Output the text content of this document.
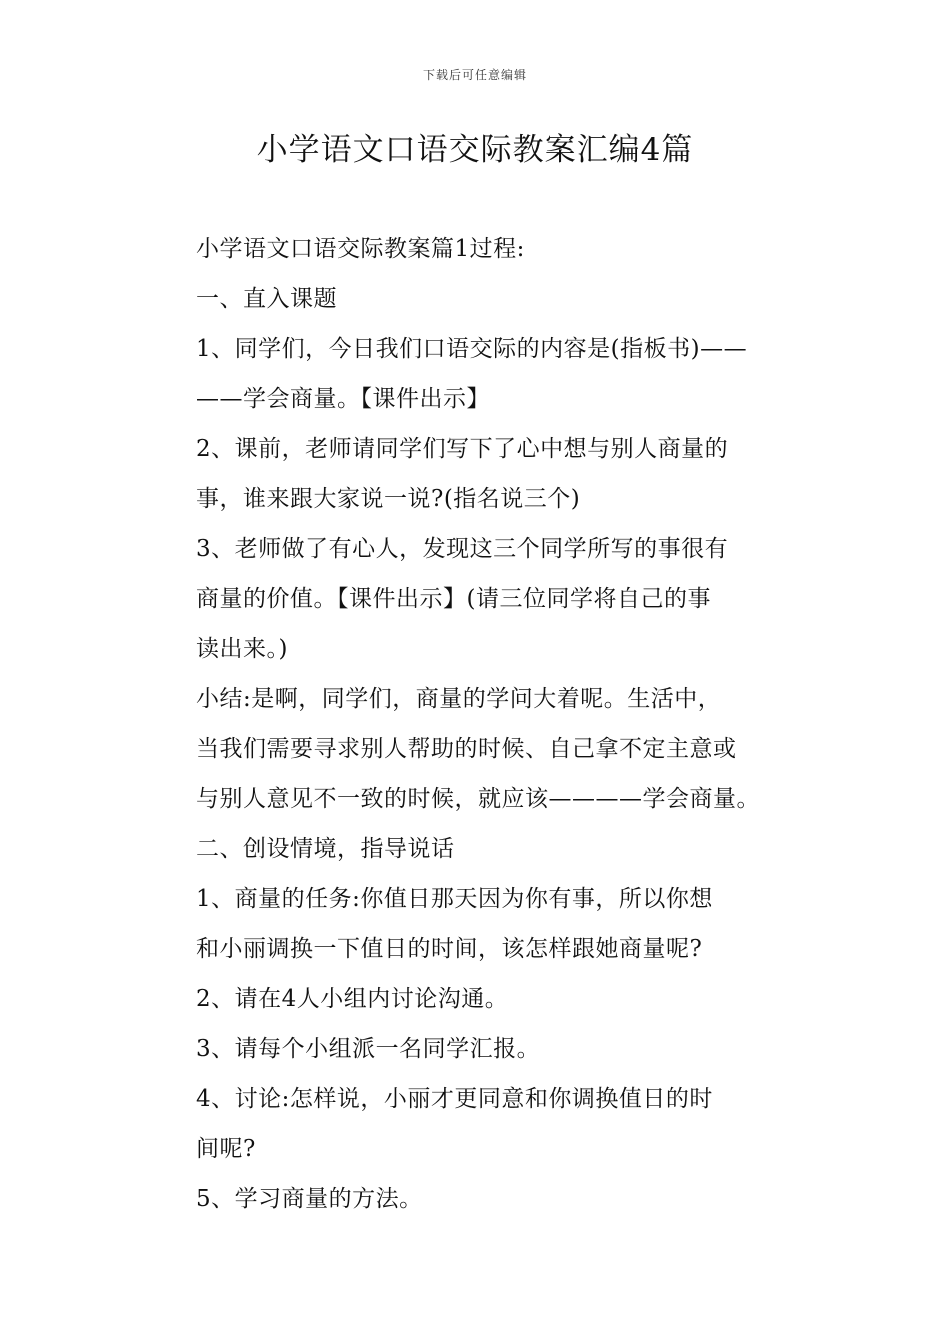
下载后可任意编辑
小学语文口语交际教案汇编4篇

小学语文口语交际教案篇1过程:

一、直入课题

1、同学们，今日我们口语交际的内容是(指板书)——

——学会商量。【课件出示】

2、课前，老师请同学们写下了心中想与别人商量的

事，谁来跟大家说一说?(指名说三个)

3、老师做了有心人，发现这三个同学所写的事很有

商量的价值。【课件出示】(请三位同学将自己的事

读出来。)

小结:是啊，同学们，商量的学问大着呢。生活中，

当我们需要寻求别人帮助的时候、自己拿不定主意或

与别人意见不一致的时候，就应该————学会商量。

二、创设情境，指导说话

1、商量的任务:你值日那天因为你有事，所以你想

和小丽调换一下值日的时间，该怎样跟她商量呢?

2、请在4人小组内讨论沟通。

3、请每个小组派一名同学汇报。

4、讨论:怎样说，小丽才更同意和你调换值日的时

间呢?

5、学习商量的方法。
